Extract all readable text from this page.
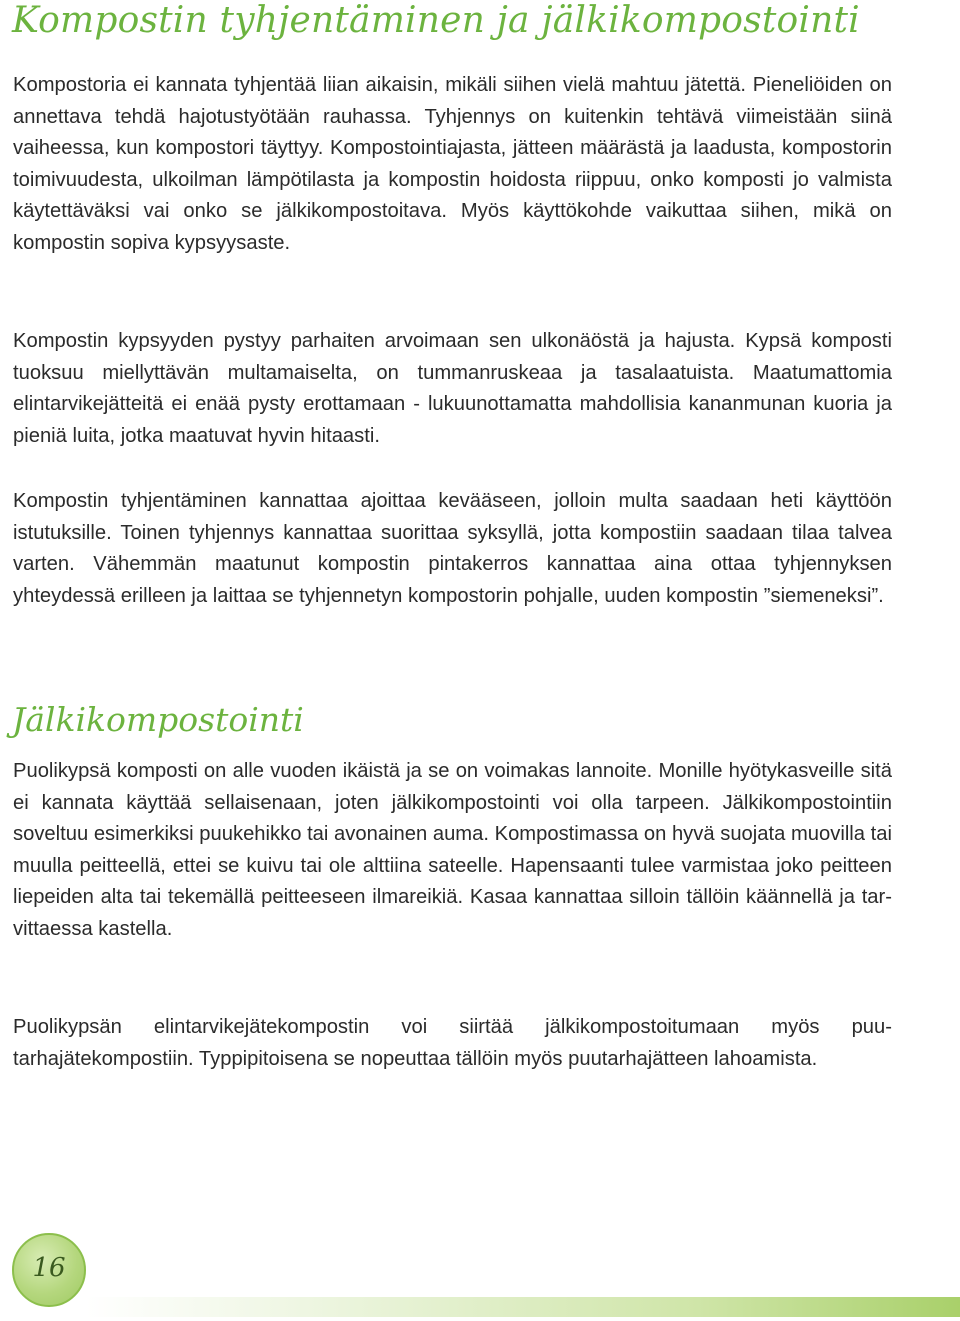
Kompostin tyhjentäminen ja jälkikompostointi

Kompostoria ei kannata tyhjentää liian aikaisin, mikäli siihen vielä mahtuu jätettä. Pieneliöiden on annettava tehdä hajotustyötään rauhassa. Tyhjennys on kuitenkin tehtävä viimeistään siinä vaiheessa, kun kompostori täyttyy. Kompostointiajasta, jätteen määrästä ja laadusta, kompostorin toimivuudesta, ulkoilman lämpötilasta ja kompostin hoidosta riippuu, onko komposti jo valmista käytettäväksi vai onko se jälkikompostoitava. Myös käyttökohde vaikuttaa siihen, mikä on kompostin sopiva kypsyysaste.

Kompostin kypsyyden pystyy parhaiten arvoimaan sen ulkonäöstä ja hajusta. Kypsä komposti tuoksuu miellyttävän multamaiselta, on tummanruskeaa ja tasalaatuista. Maatumattomia elintarvikejätteitä ei enää pysty erottamaan - lukuunottamatta mahdollisia kananmunan kuoria ja pieniä luita, jotka maatuvat hyvin hitaasti.

Kompostin tyhjentäminen kannattaa ajoittaa kevääseen, jolloin multa saadaan heti käyttöön istutuksille. Toinen tyhjennys kannattaa suorittaa syksyllä, jotta kompostiin saadaan tilaa talvea varten. Vähemmän maatunut kompostin pintakerros kannattaa aina ottaa tyhjennyksen yhteydessä erilleen ja laittaa se tyhjennetyn kompostorin pohjalle, uuden kompostin ”siemeneksi”.

Jälkikompostointi

Puolikypsä komposti on alle vuoden ikäistä ja se on voimakas lannoite. Monille hyötykasveille sitä ei kannata käyttää sellaisenaan, joten jälkikompostointi voi olla tarpeen. Jälkikompostointiin soveltuu esimerkiksi puukehikko tai avonainen auma. Kompostimassa on hyvä suojata muovilla tai muulla peitteellä, ettei se kuivu tai ole alttiina sateelle. Hapensaanti tulee varmistaa joko peitteen liepeiden alta tai tekemällä peitteeseen ilmareikiä. Kasaa kannattaa silloin tällöin käännellä ja tarvittaessa kastella.

Puolikypsän elintarvikejätekompostin voi siirtää jälkikompostoitumaan myös puutarhajätekompostiin. Typpipitoisena se nopeuttaa tällöin myös puutarhajätteen lahoamista.

16
